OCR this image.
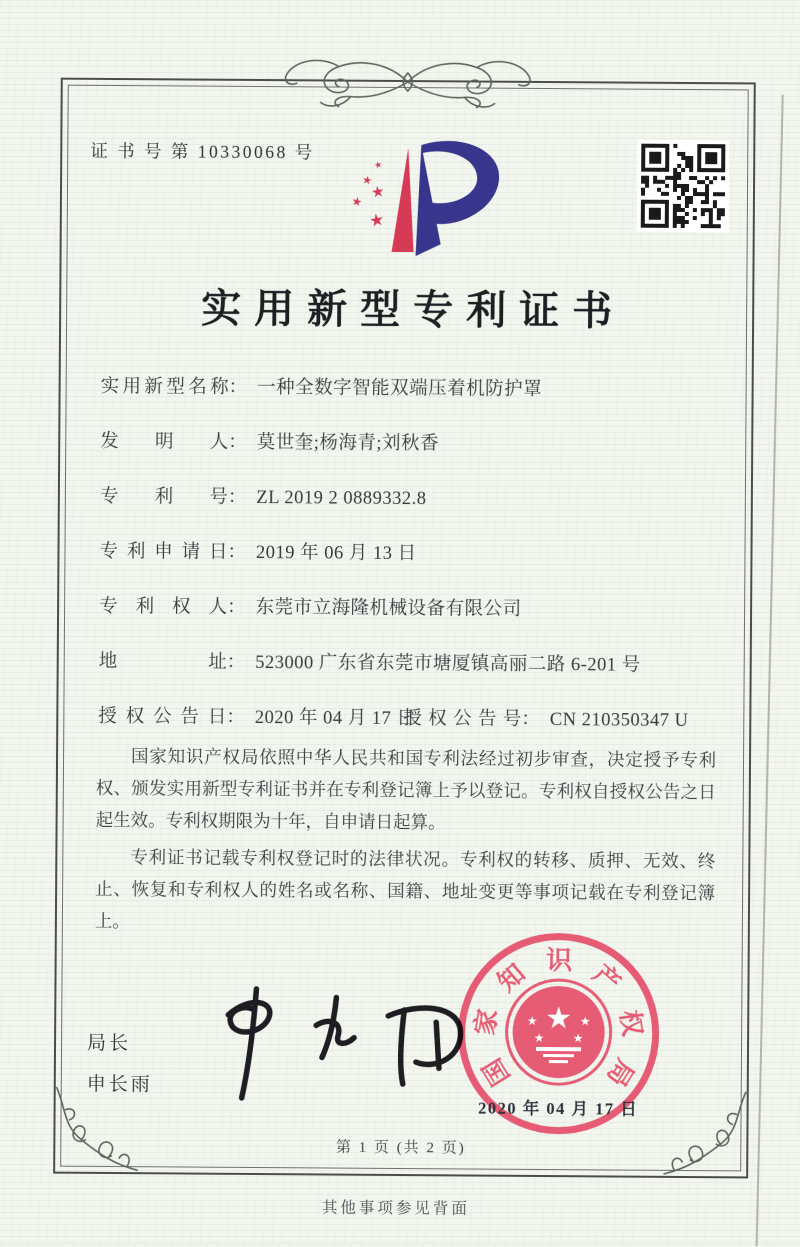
证 书 号 第 10330068 号
★
★
★
★
★
实用新型专利证书
实用新型名称： 一种全数字智能双端压着机防护罩
发明人： 莫世奎;杨海青;刘秋香
专利号： ZL 2019 2 0889332.8
专利申请日： 2019 年 06 月 13 日
专利权人： 东莞市立海隆机械设备有限公司
地址： 523000 广东省东莞市塘厦镇高丽二路 6-201 号
授权公告日： 2020 年 04 月 17 日
授权公告号： CN 210350347 U

国家知识产权局依照中华人民共和国专利法经过初步审查，决定授予专利权、颁发实用新型专利证书并在专利登记簿上予以登记。专利权自授权公告之日起生效。专利权期限为十年，自申请日起算。

专利证书记载专利权登记时的法律状况。专利权的转移、质押、无效、终止、恢复和专利权人的姓名或名称、国籍、地址变更等事项记载在专利登记簿上。

局长
申长雨	国
家
知 识 产
权
局
★
★	★
★ ★
2020 年 04 月 17 日
第 1 页 (共 2 页)
其他事项参见背面
